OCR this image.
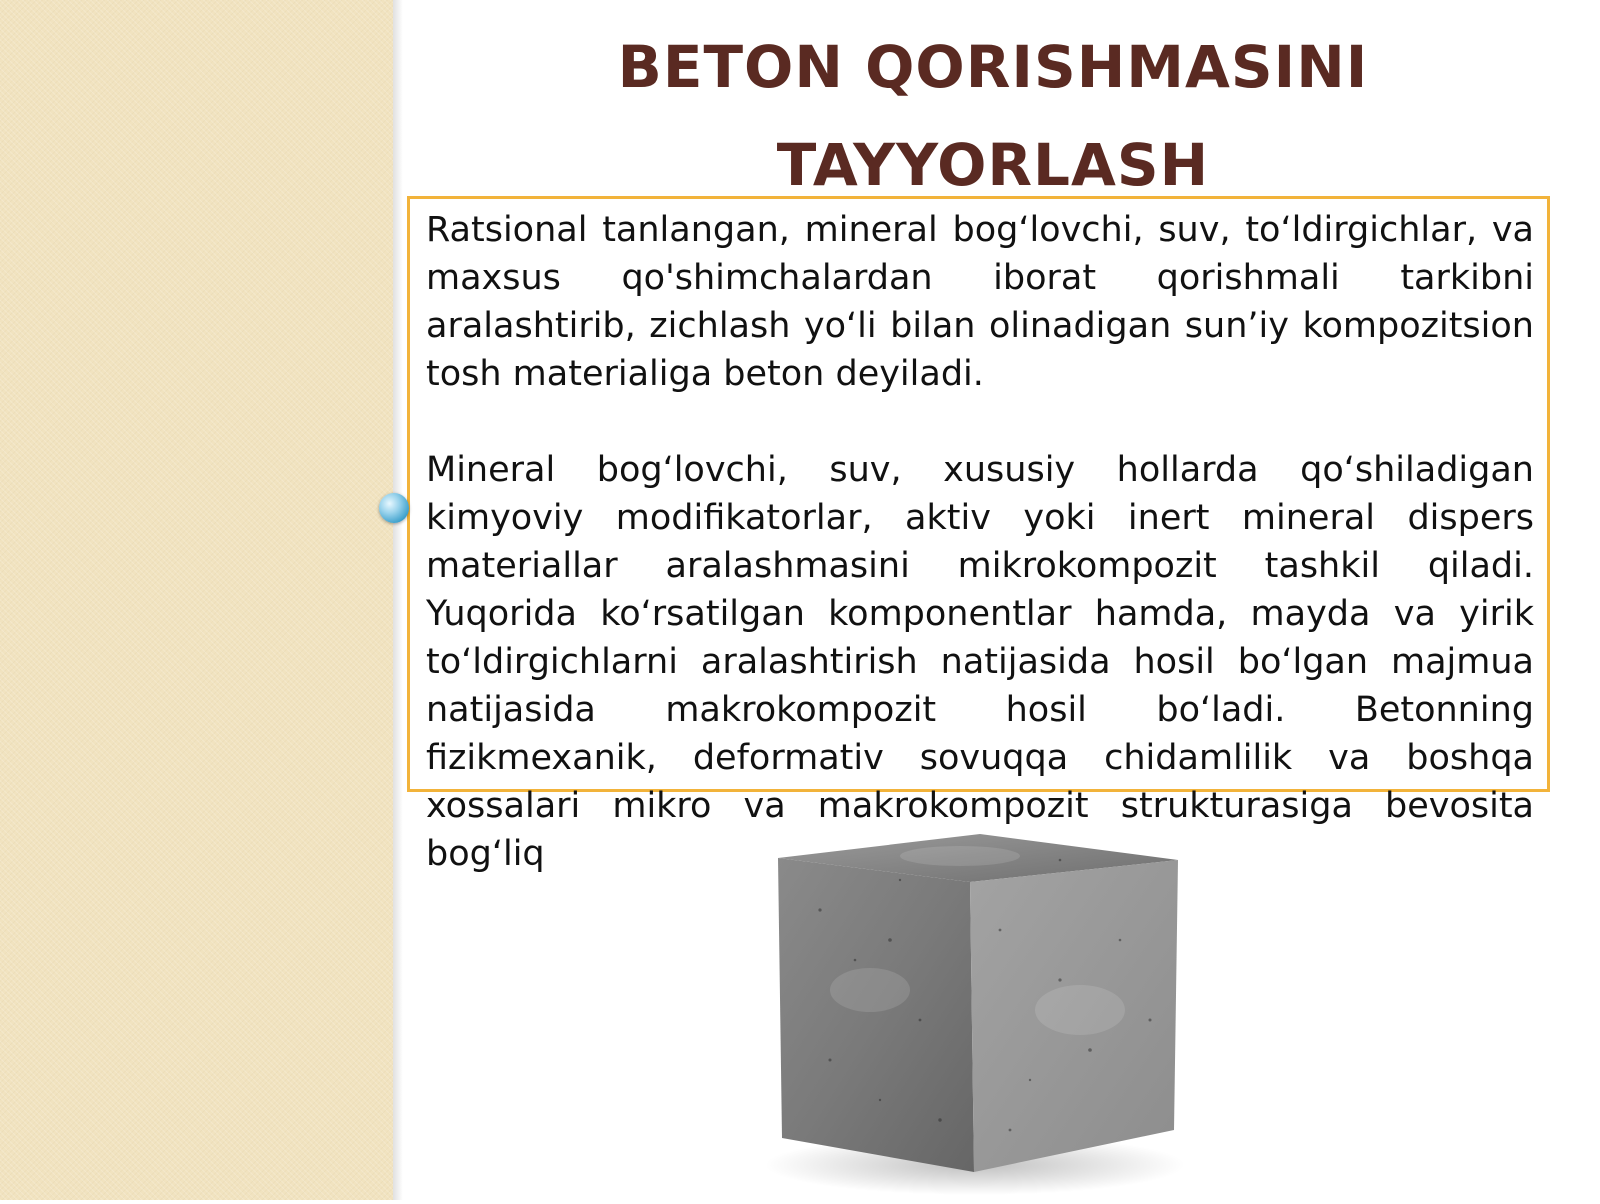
BETON QORISHMASINI
TAYYORLASH

Ratsional tanlangan, mineral bog‘lovchi, suv, to‘ldirgichlar, va maxsus qo'shimchalardan iborat qorishmali tarkibni aralashtirib, zichlash yo‘li bilan olinadigan sun’iy kompozitsion tosh materialiga beton deyiladi.

Mineral bog‘lovchi, suv, xususiy hollarda qo‘shiladigan kimyoviy modifikatorlar, aktiv yoki inert mineral dispers materiallar aralashmasini mikrokompozit tashkil qiladi. Yuqorida ko‘rsatilgan komponentlar hamda, mayda va yirik to‘ldirgichlarni aralashtirish natijasida hosil bo‘lgan majmua natijasida makrokompozit hosil bo‘ladi. Betonning fizikmexanik, deformativ sovuqqa chidamlilik va boshqa xossalari mikro va makrokompozit strukturasiga bevosita bog‘liq
